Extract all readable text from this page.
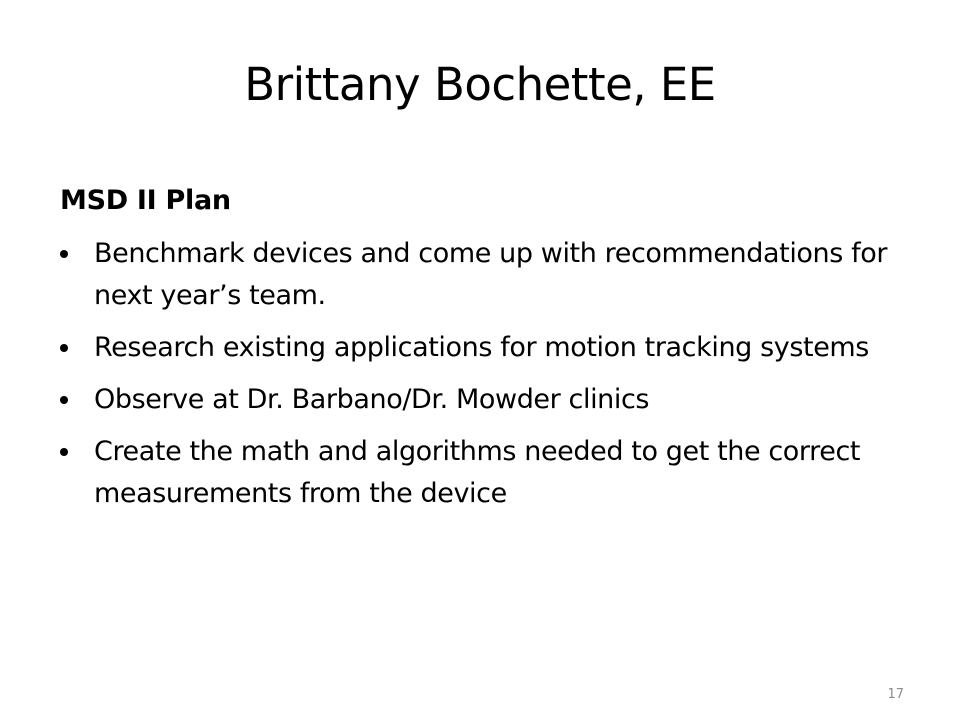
Brittany Bochette, EE
MSD II Plan
Benchmark devices and come up with recommendations for next year’s team.
Research existing applications for motion tracking systems
Observe at Dr. Barbano/Dr. Mowder clinics
Create the math and algorithms needed to get the correct measurements from the device
17
